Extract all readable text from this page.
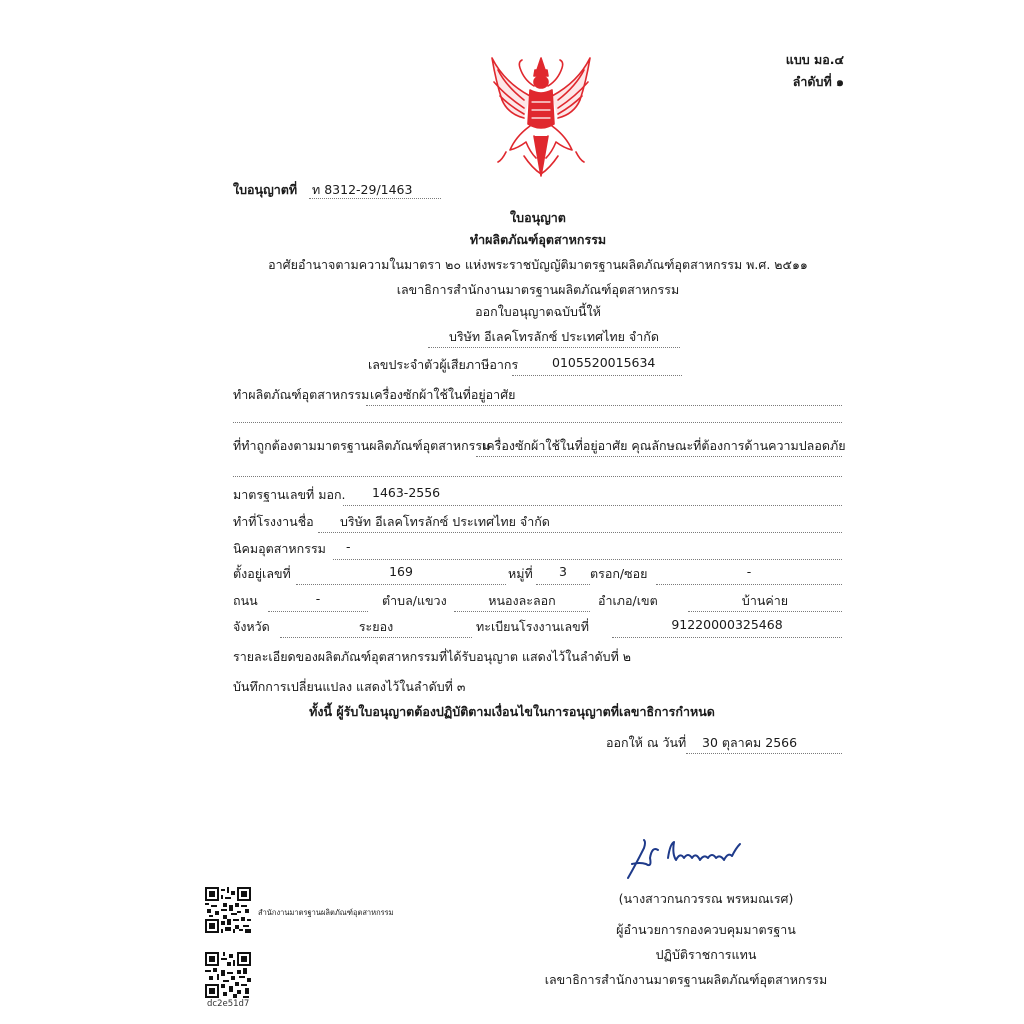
แบบ มอ.๔
ลำดับที่ ๑
ใบอนุญาตที่ ท 8312-29/1463
ใบอนุญาต
ทำผลิตภัณฑ์อุตสาหกรรม
อาศัยอำนาจตามความในมาตรา ๒๐ แห่งพระราชบัญญัติมาตรฐานผลิตภัณฑ์อุตสาหกรรม พ.ศ. ๒๕๑๑
เลขาธิการสำนักงานมาตรฐานผลิตภัณฑ์อุตสาหกรรม
ออกใบอนุญาตฉบับนี้ให้
บริษัท อีเลคโทรลักซ์ ประเทศไทย จำกัด
เลขประจำตัวผู้เสียภาษีอากร	0105520015634
ทำผลิตภัณฑ์อุตสาหกรรม เครื่องซักผ้าใช้ในที่อยู่อาศัย
ที่ทำถูกต้องตามมาตรฐานผลิตภัณฑ์อุตสาหกรรม
เครื่องซักผ้าใช้ในที่อยู่อาศัย คุณลักษณะที่ต้องการด้านความปลอดภัย
มาตรฐานเลขที่ มอก. 1463-2556
ทำที่โรงงานชื่อ บริษัท อีเลคโทรลักซ์ ประเทศไทย จำกัด
นิคมอุตสาหกรรม -
ตั้งอยู่เลขที่	169	หมู่ที่	3	ตรอก/ซอย	-
ถนน	-	ตำบล/แขวง	หนองละลอก	อำเภอ/เขต	บ้านค่าย
จังหวัด	ระยอง	ทะเบียนโรงงานเลขที่	91220000325468
รายละเอียดของผลิตภัณฑ์อุตสาหกรรมที่ได้รับอนุญาต แสดงไว้ในลำดับที่ ๒
บันทึกการเปลี่ยนแปลง แสดงไว้ในลำดับที่ ๓
ทั้งนี้ ผู้รับใบอนุญาตต้องปฏิบัติตามเงื่อนไขในการอนุญาตที่เลขาธิการกำหนด
ออกให้ ณ วันที่ 30 ตุลาคม 2566
(นางสาวกนกวรรณ พรหมณเรศ)
ผู้อำนวยการกองควบคุมมาตรฐาน
ปฏิบัติราชการแทน
เลขาธิการสำนักงานมาตรฐานผลิตภัณฑ์อุตสาหกรรม
สำนักงานมาตรฐานผลิตภัณฑ์อุตสาหกรรม
dc2e51d7
